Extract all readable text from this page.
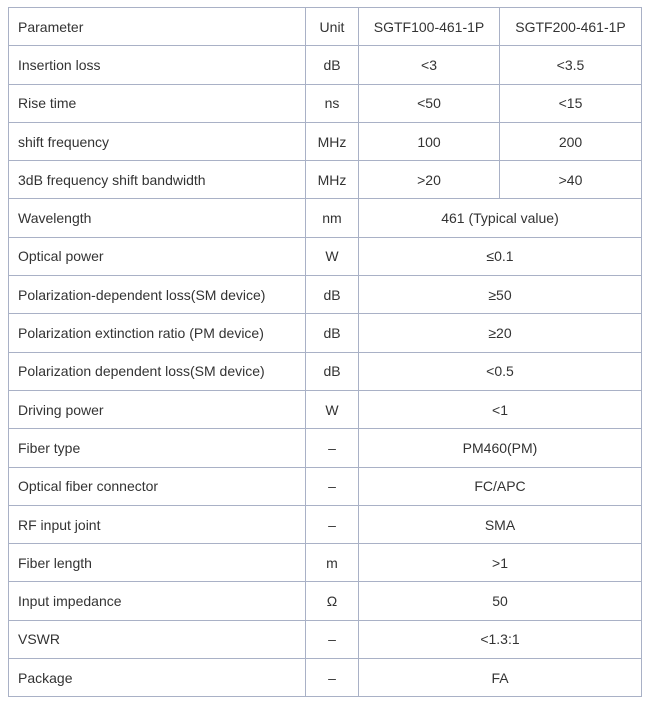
Parameter	Unit	SGTF100-461-1P	SGTF200-461-1P
Insertion loss	dB	<3	<3.5
Rise time	ns	<50	<15
shift frequency	MHz	100	200
3dB frequency shift bandwidth	MHz	>20	>40
Wavelength	nm	461 (Typical value)	
Optical power	W	≤0.1	
Polarization-dependent loss(SM device)	dB	≥50	
Polarization extinction ratio (PM device)	dB	≥20	
Polarization dependent loss(SM device)	dB	<0.5	
Driving power	W	<1	
Fiber type	–	PM460(PM)	
Optical fiber connector	–	FC/APC	
RF input joint	–	SMA	
Fiber length	m	>1	
Input impedance	Ω	50	
VSWR	–	<1.3:1	
Package	–	FA	
